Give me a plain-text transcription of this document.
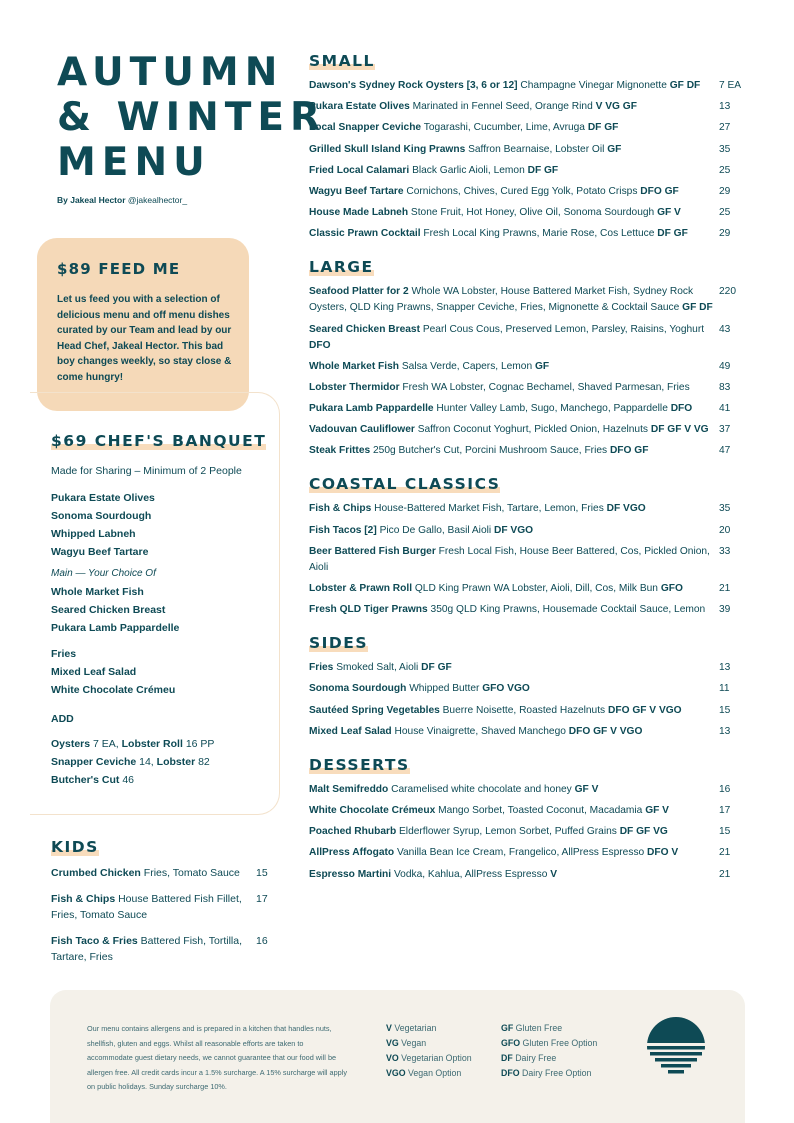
AUTUMN
& WINTER
MENU
By Jakeal Hector @jakealhector_
$89 FEED ME
Let us feed you with a selection of delicious menu and off menu dishes curated by our Team and lead by our Head Chef, Jakeal Hector. This bad boy changes weekly, so stay close & come hungry!
$69 CHEF'S BANQUET
Made for Sharing – Minimum of 2 People
Pukara Estate Olives
Sonoma Sourdough
Whipped Labneh
Wagyu Beef Tartare
Main — Your Choice Of
Whole Market Fish
Seared Chicken Breast
Pukara Lamb Pappardelle
Fries
Mixed Leaf Salad
White Chocolate Crémeu
ADD
Oysters 7 EA, Lobster Roll 16 PP
Snapper Ceviche 14, Lobster 82
Butcher's Cut 46
KIDS
Crumbed Chicken Fries, Tomato Sauce	15
Fish & Chips House Battered Fish Fillet, Fries, Tomato Sauce
17
Fish Taco & Fries Battered Fish, Tortilla, Tartare, Fries
16
SMALL

Dawson's Sydney Rock Oysters [3, 6 or 12] Champagne Vinegar Mignonette GF DF	7 EA
Pukara Estate Olives Marinated in Fennel Seed, Orange Rind V VG GF	13
Local Snapper Ceviche Togarashi, Cucumber, Lime, Avruga DF GF	27
Grilled Skull Island King Prawns Saffron Bearnaise, Lobster Oil GF	35
Fried Local Calamari Black Garlic Aioli, Lemon DF GF	25
Wagyu Beef Tartare Cornichons, Chives, Cured Egg Yolk, Potato Crisps DFO GF	29
House Made Labneh Stone Fruit, Hot Honey, Olive Oil, Sonoma Sourdough GF V	25
Classic Prawn Cocktail Fresh Local King Prawns, Marie Rose, Cos Lettuce DF GF	29
LARGE

Seafood Platter for 2 Whole WA Lobster, House Battered Market Fish, Sydney Rock Oysters, QLD King Prawns, Snapper Ceviche, Fries, Mignonette & Cocktail Sauce GF DF
220
Seared Chicken Breast Pearl Cous Cous, Preserved Lemon, Parsley, Raisins, Yoghurt DFO
43
Whole Market Fish Salsa Verde, Capers, Lemon GF	49
Lobster Thermidor Fresh WA Lobster, Cognac Bechamel, Shaved Parmesan, Fries	83
Pukara Lamb Pappardelle Hunter Valley Lamb, Sugo, Manchego, Pappardelle DFO	41
Vadouvan Cauliflower Saffron Coconut Yoghurt, Pickled Onion, Hazelnuts DF GF V VG	37
Steak Frittes 250g Butcher's Cut, Porcini Mushroom Sauce, Fries DFO GF	47
COASTAL CLASSICS

Fish & Chips House-Battered Market Fish, Tartare, Lemon, Fries DF VGO	35
Fish Tacos [2] Pico De Gallo, Basil Aioli DF VGO	20
Beer Battered Fish Burger Fresh Local Fish, House Beer Battered, Cos, Pickled Onion, Aioli
33
Lobster & Prawn Roll QLD King Prawn WA Lobster, Aioli, Dill, Cos, Milk Bun GFO	21
Fresh QLD Tiger Prawns 350g QLD King Prawns, Housemade Cocktail Sauce, Lemon	39
SIDES

Fries Smoked Salt, Aioli DF GF	13
Sonoma Sourdough Whipped Butter GFO VGO	11
Sautéed Spring Vegetables Buerre Noisette, Roasted Hazelnuts DFO GF V VGO	15
Mixed Leaf Salad House Vinaigrette, Shaved Manchego DFO GF V VGO	13
DESSERTS

Malt Semifreddo Caramelised white chocolate and honey GF V	16
White Chocolate Crémeux Mango Sorbet, Toasted Coconut, Macadamia GF V	17
Poached Rhubarb Elderflower Syrup, Lemon Sorbet, Puffed Grains DF GF VG	15
AllPress Affogato Vanilla Bean Ice Cream, Frangelico, AllPress Espresso DFO V	21
Espresso Martini Vodka, Kahlua, AllPress Espresso V	21
Our menu contains allergens and is prepared in a kitchen that handles nuts, shellfish, gluten and eggs. Whilst all reasonable efforts are taken to accommodate guest dietary needs, we cannot guarantee that our food will be allergen free. All credit cards incur a 1.5% surcharge. A 15% surcharge will apply on public holidays. Sunday surcharge 10%.
V Vegetarian
VG Vegan
VO Vegetarian Option
VGO Vegan Option
GF Gluten Free
GFO Gluten Free Option
DF Dairy Free
DFO Dairy Free Option
